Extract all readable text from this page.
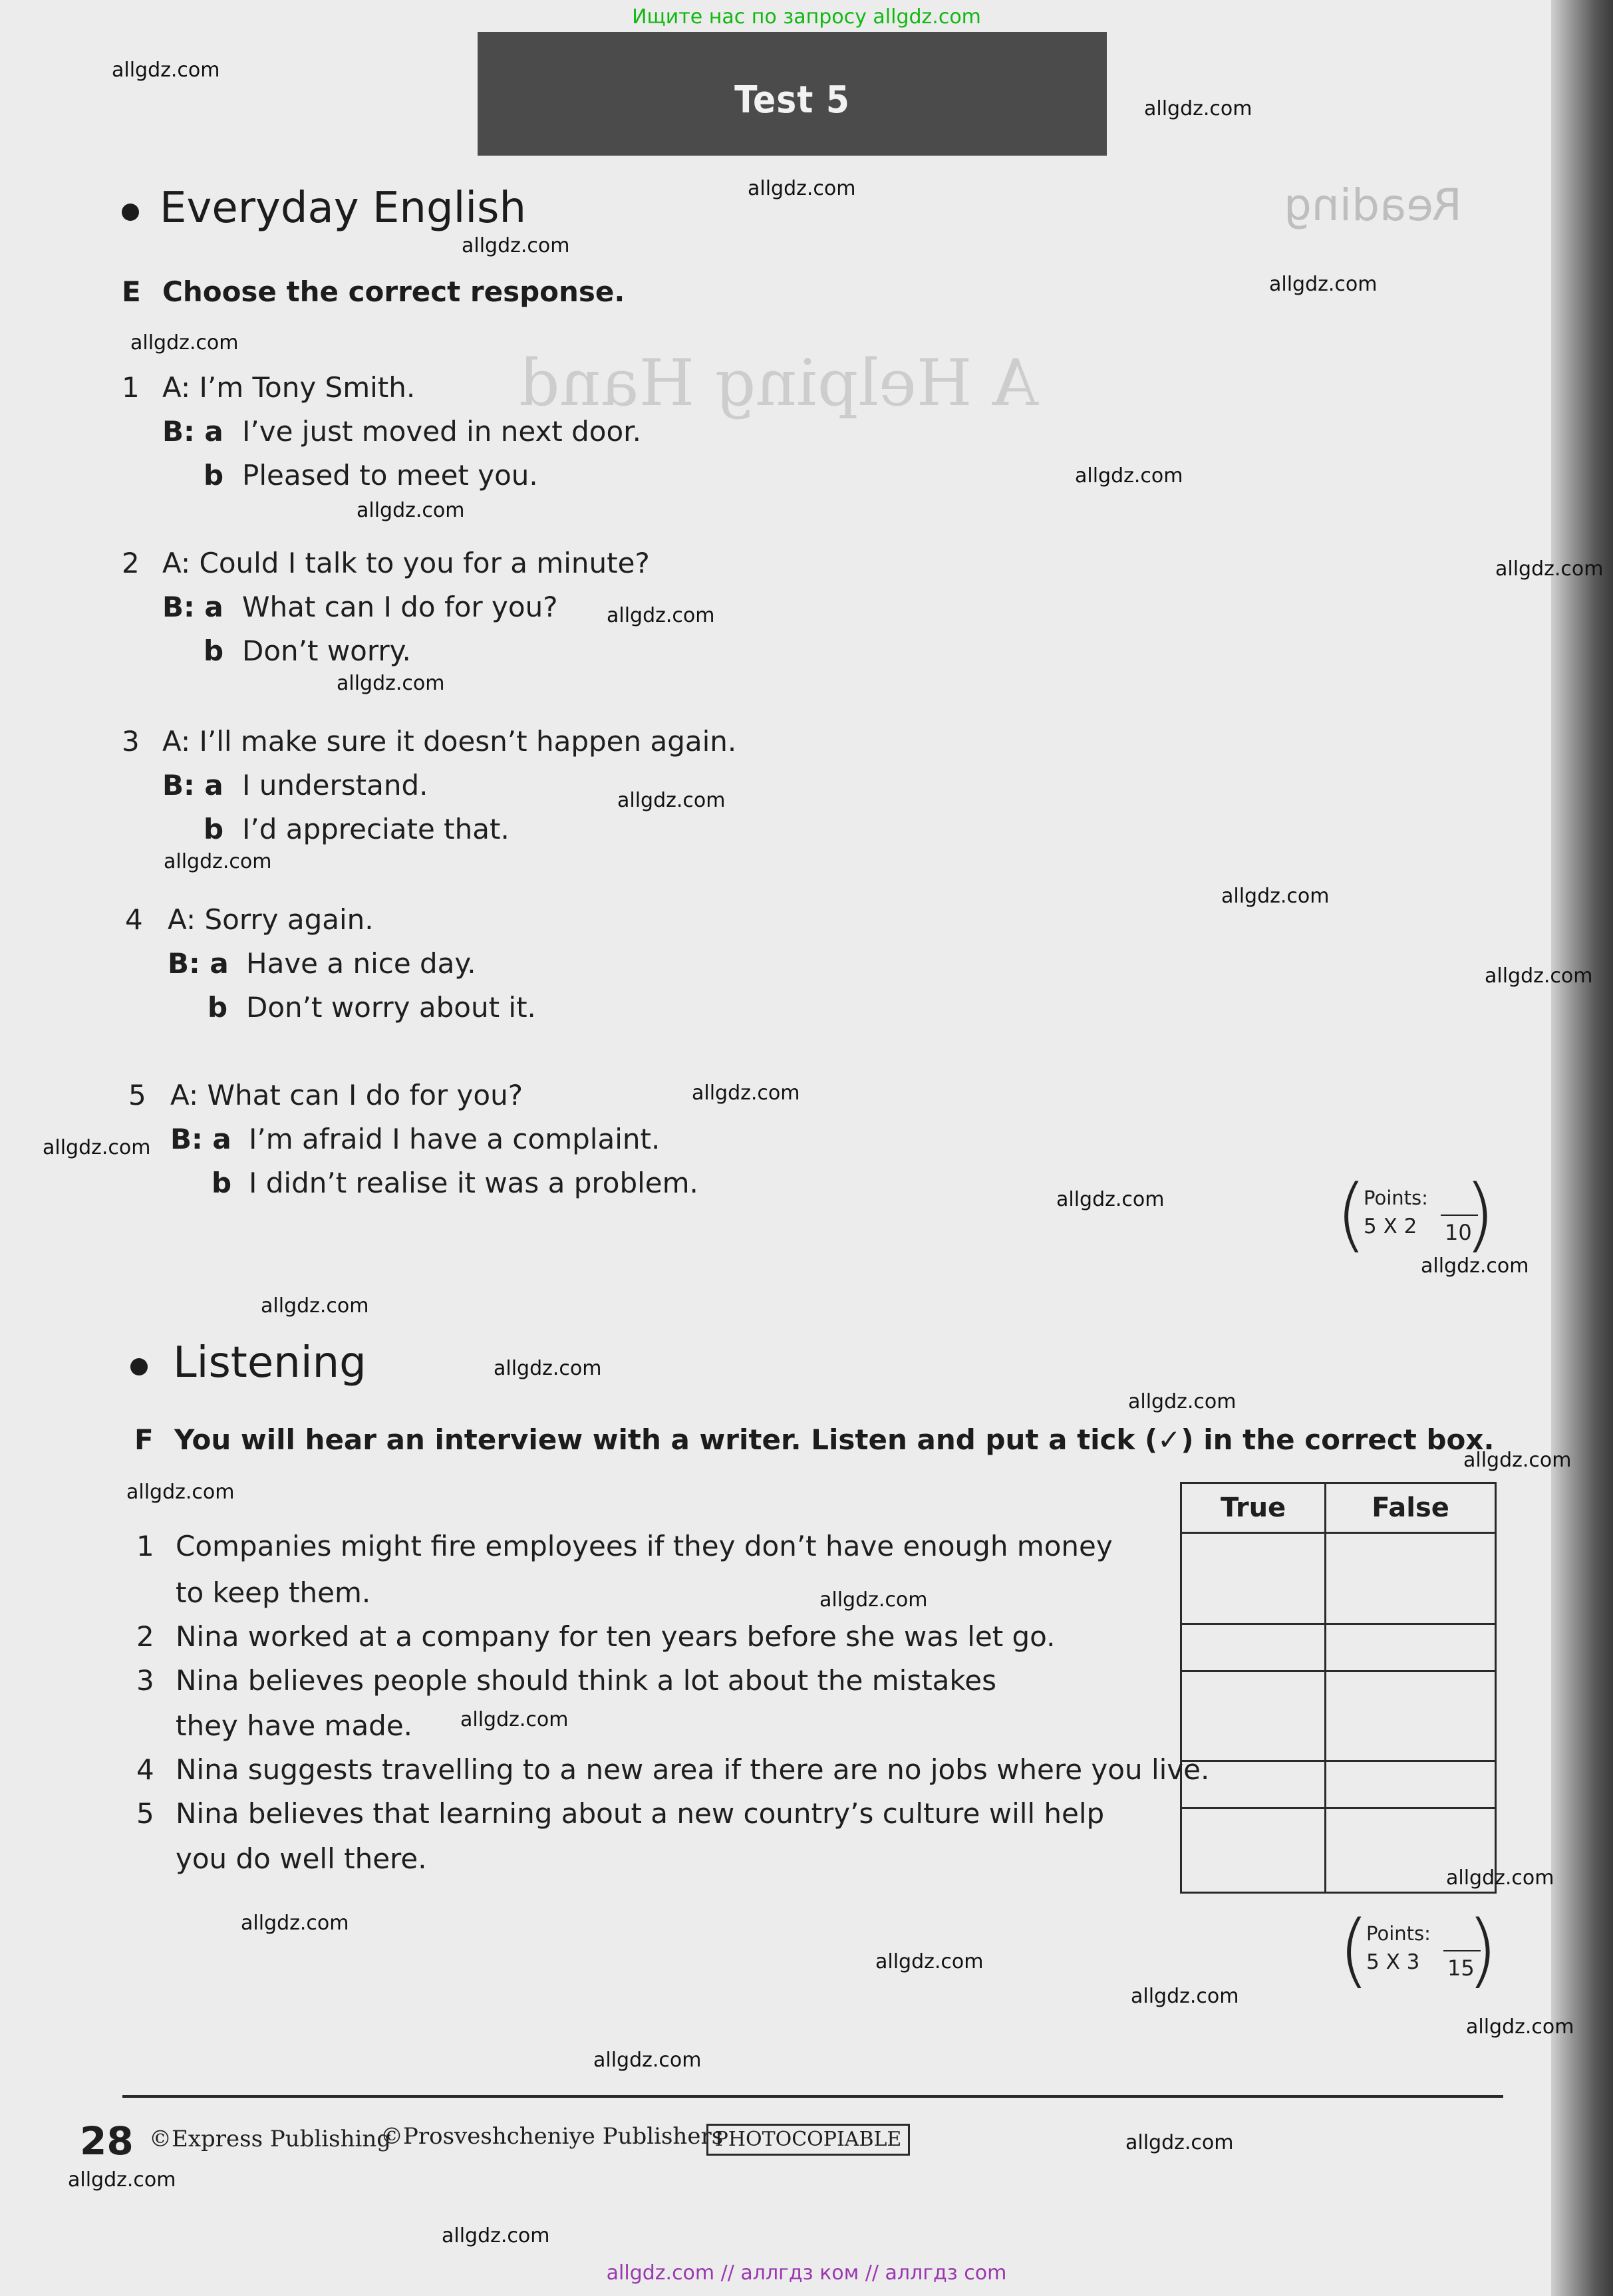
Ищите нас по запросу allgdz.com
allgdz.com // аллгдз ком // аллгдз com
Reading
A Helping Hand
Test 5
Everyday English
E Choose the correct response.
1 A: I’m Tony Smith.
B: a I’ve just moved in next door.
b Pleased to meet you.
2 A: Could I talk to you for a minute?
B: a What can I do for you?
b Don’t worry.
3 A: I’ll make sure it doesn’t happen again.
B: a I understand.
b I’d appreciate that.
4 A: Sorry again.
B: a Have a nice day.
b Don’t worry about it.
5 A: What can I do for you?
B: a I’m afraid I have a complaint.
b I didn’t realise it was a problem.	(
Points:
5 X 2 10
)
Listening
F You will hear an interview with a writer. Listen and put a tick (✓) in the correct box.
True	False

1 Companies might fire employees if they don’t have enough money
to keep them.
2 Nina worked at a company for ten years before she was let go.
3 Nina believes people should think a lot about the mistakes
they have made.
4 Nina suggests travelling to a new area if there are no jobs where you live.
5 Nina believes that learning about a new country’s culture will help
you do well there.
(
Points:
5 X 3 15
)
28 ©Express Publishing
©Prosveshcheniye Publishers
PHOTOCOPIABLE
allgdz.com
allgdz.com
allgdz.com
allgdz.com
allgdz.com
allgdz.com
allgdz.com
allgdz.com
allgdz.com
allgdz.com
allgdz.com
allgdz.com
allgdz.com
allgdz.com
allgdz.com
allgdz.com
allgdz.com
allgdz.com
allgdz.com
allgdz.com
allgdz.com
allgdz.com
allgdz.com
allgdz.com
allgdz.com
allgdz.com
allgdz.com
allgdz.com
allgdz.com
allgdz.com
allgdz.com
allgdz.com
allgdz.com
allgdz.com
allgdz.com
